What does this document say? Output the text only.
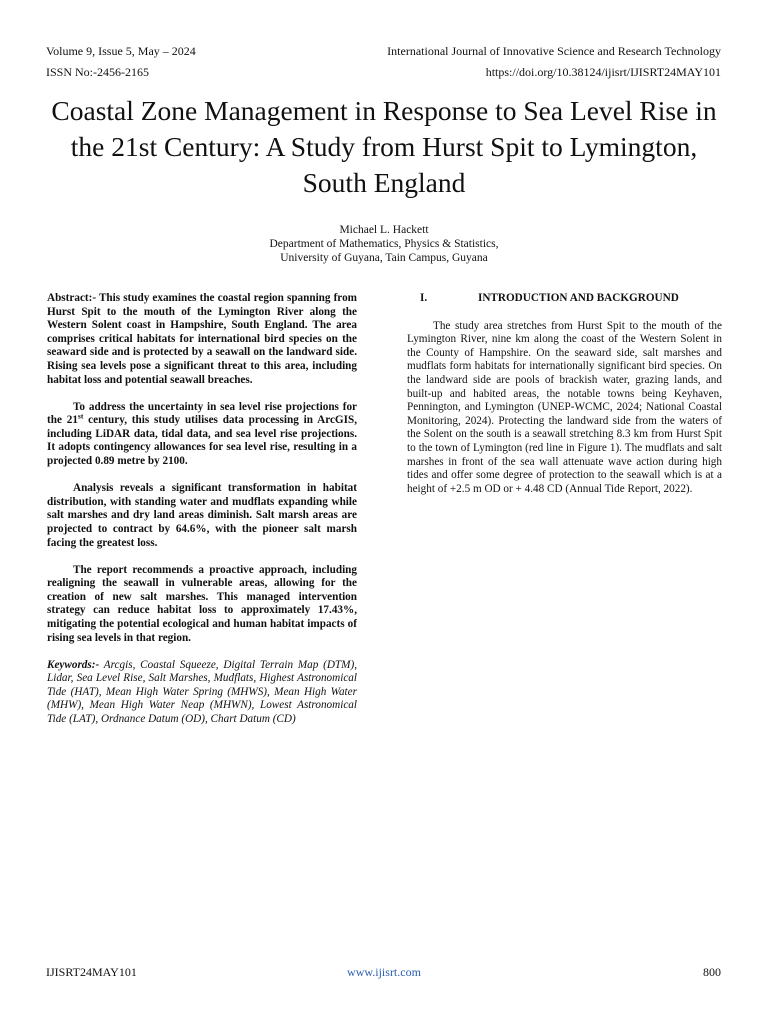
Volume 9, Issue 5, May – 2024	International Journal of Innovative Science and Research Technology
ISSN No:-2456-2165	https://doi.org/10.38124/ijisrt/IJISRT24MAY101
Coastal Zone Management in Response to Sea Level Rise in the 21st Century: A Study from Hurst Spit to Lymington, South England
Michael L. Hackett
Department of Mathematics, Physics & Statistics,
University of Guyana, Tain Campus, Guyana

Abstract:- This study examines the coastal region spanning from Hurst Spit to the mouth of the Lymington River along the Western Solent coast in Hampshire, South England. The area comprises critical habitats for international bird species on the seaward side and is protected by a seawall on the landward side. Rising sea levels pose a significant threat to this area, including habitat loss and potential seawall breaches.

To address the uncertainty in sea level rise projections for the 21st century, this study utilises data processing in ArcGIS, including LiDAR data, tidal data, and sea level rise projections. It adopts contingency allowances for sea level rise, resulting in a projected 0.89 metre by 2100.

Analysis reveals a significant transformation in habitat distribution, with standing water and mudflats expanding while salt marshes and dry land areas diminish. Salt marsh areas are projected to contract by 64.6%, with the pioneer salt marsh facing the greatest loss.

The report recommends a proactive approach, including realigning the seawall in vulnerable areas, allowing for the creation of new salt marshes. This managed intervention strategy can reduce habitat loss to approximately 17.43%, mitigating the potential ecological and human habitat impacts of rising sea levels in that region.

Keywords:- Arcgis, Coastal Squeeze, Digital Terrain Map (DTM), Lidar, Sea Level Rise, Salt Marshes, Mudflats, Highest Astronomical Tide (HAT), Mean High Water Spring (MHWS), Mean High Water (MHW), Mean High Water Neap (MHWN), Lowest Astronomical Tide (LAT), Ordnance Datum (OD), Chart Datum (CD)

I.	INTRODUCTION AND BACKGROUND

The study area stretches from Hurst Spit to the mouth of the Lymington River, nine km along the coast of the Western Solent in the County of Hampshire. On the seaward side, salt marshes and mudflats form habitats for internationally significant bird species. On the landward side are pools of brackish water, grazing lands, and built-up and habited areas, the notable towns being Keyhaven, Pennington, and Lymington (UNEP-WCMC, 2024; National Coastal Monitoring, 2024). Protecting the landward side from the waters of the Solent on the south is a seawall stretching 8.3 km from Hurst Spit to the town of Lymington (red line in Figure 1). The mudflats and salt marshes in front of the sea wall attenuate wave action during high tides and offer some degree of protection to the seawall which is at a height of +2.5 m OD or + 4.48 CD (Annual Tide Report, 2022).

IJISRT24MAY101	www.ijisrt.com	800
